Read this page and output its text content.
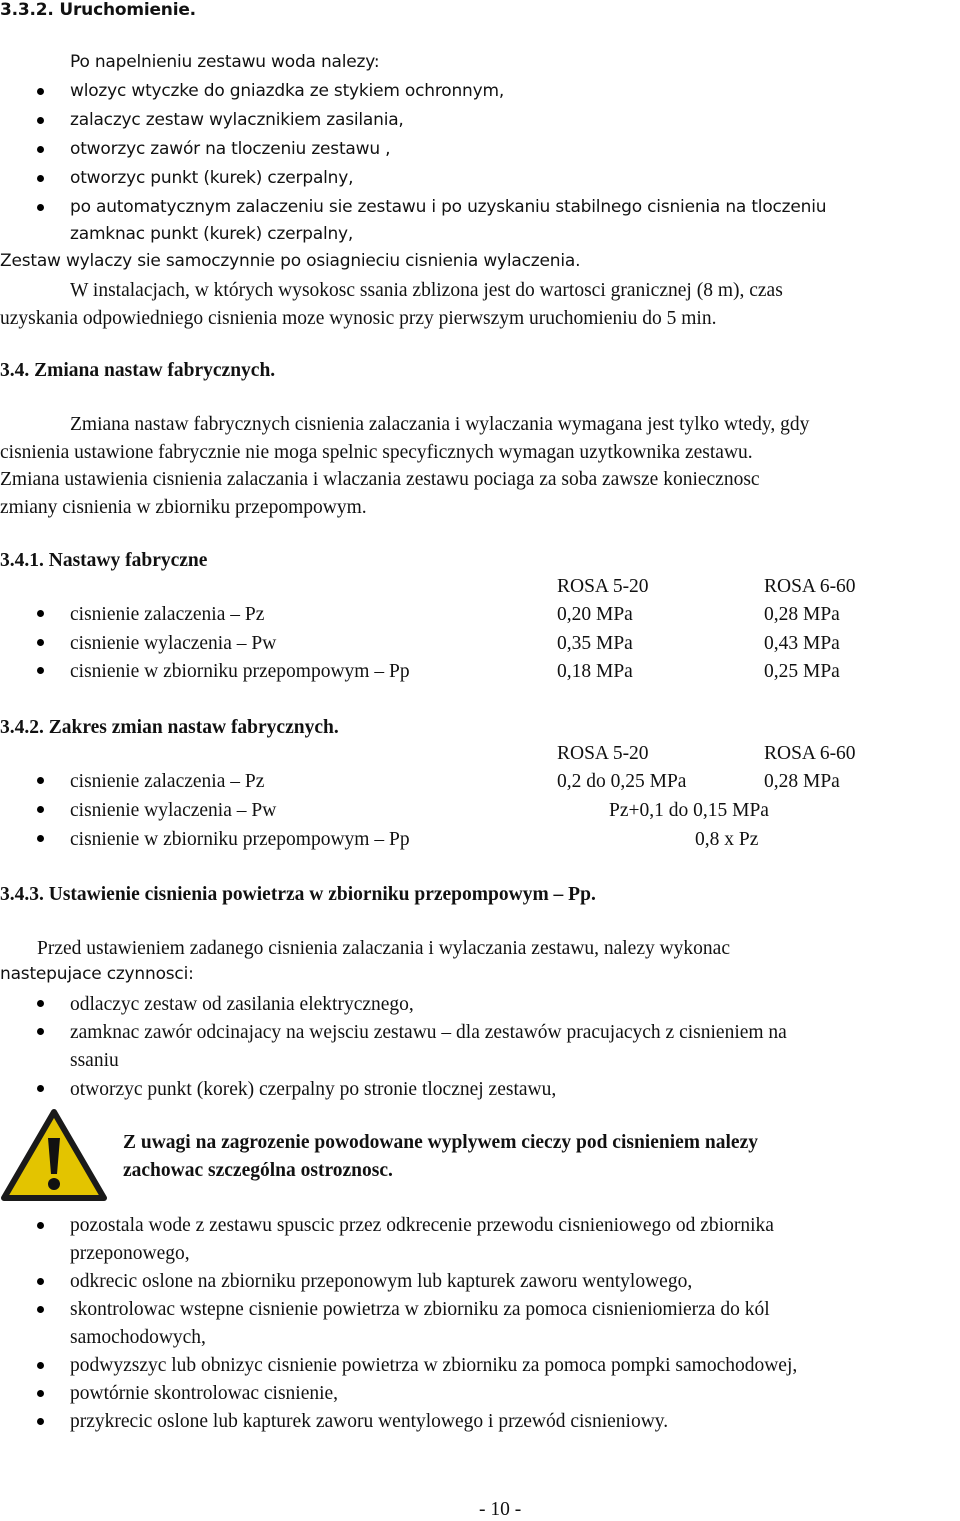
3.3.2. Uruchomienie.
Po napelnieniu zestawu woda nalezy:
wlozyc wtyczke do gniazdka ze stykiem ochronnym,
zalaczyc zestaw wylacznikiem zasilania,
otworzyc zawór na tloczeniu zestawu ,
otworzyc punkt (kurek) czerpalny,
po automatycznym zalaczeniu sie zestawu i po uzyskaniu stabilnego cisnienia na tloczeniu
zamknac punkt (kurek) czerpalny,
Zestaw wylaczy sie samoczynnie po osiagnieciu cisnienia wylaczenia.
W instalacjach, w których wysokosc ssania zblizona jest do wartosci granicznej (8 m), czas
uzyskania odpowiedniego cisnienia moze wynosic przy pierwszym uruchomieniu do 5 min.
3.4. Zmiana nastaw fabrycznych.
Zmiana nastaw fabrycznych cisnienia zalaczania i wylaczania wymagana jest tylko wtedy, gdy
cisnienia ustawione fabrycznie nie moga spelnic specyficznych wymagan uzytkownika zestawu.
Zmiana ustawienia cisnienia zalaczania i wlaczania zestawu pociaga za soba zawsze koniecznosc
zmiany cisnienia w zbiorniku przepompowym.
3.4.1. Nastawy fabryczne
ROSA 5-20	ROSA 6-60
cisnienie zalaczenia – Pz	0,20 MPa	0,28 MPa
cisnienie wylaczenia – Pw	0,35 MPa	0,43 MPa
cisnienie w zbiorniku przepompowym – Pp	0,18 MPa	0,25 MPa
3.4.2. Zakres zmian nastaw fabrycznych.
ROSA 5-20	ROSA 6-60
cisnienie zalaczenia – Pz	0,2 do 0,25 MPa	0,28 MPa
cisnienie wylaczenia – Pw	Pz+0,1 do 0,15 MPa
cisnienie w zbiorniku przepompowym – Pp	0,8 x Pz
3.4.3. Ustawienie cisnienia powietrza w zbiorniku przepompowym – Pp.
Przed ustawieniem zadanego cisnienia zalaczania i wylaczania zestawu, nalezy wykonac
nastepujace czynnosci:
odlaczyc zestaw od zasilania elektrycznego,
zamknac zawór odcinajacy na wejsciu zestawu – dla zestawów pracujacych z cisnieniem na
ssaniu
otworzyc punkt (korek) czerpalny po stronie tlocznej zestawu,
Z uwagi na zagrozenie powodowane wyplywem cieczy pod cisnieniem nalezy
zachowac szczególna ostroznosc.
pozostala wode z zestawu spuscic przez odkrecenie przewodu cisnieniowego od zbiornika
przeponowego,
odkrecic oslone na zbiorniku przeponowym lub kapturek zaworu wentylowego,
skontrolowac wstepne cisnienie powietrza w zbiorniku za pomoca cisnieniomierza do kól
samochodowych,
podwyzszyc lub obnizyc cisnienie powietrza w zbiorniku za pomoca pompki samochodowej,
powtórnie skontrolowac cisnienie,
przykrecic oslone lub kapturek zaworu wentylowego i przewód cisnieniowy.
- 10 -
